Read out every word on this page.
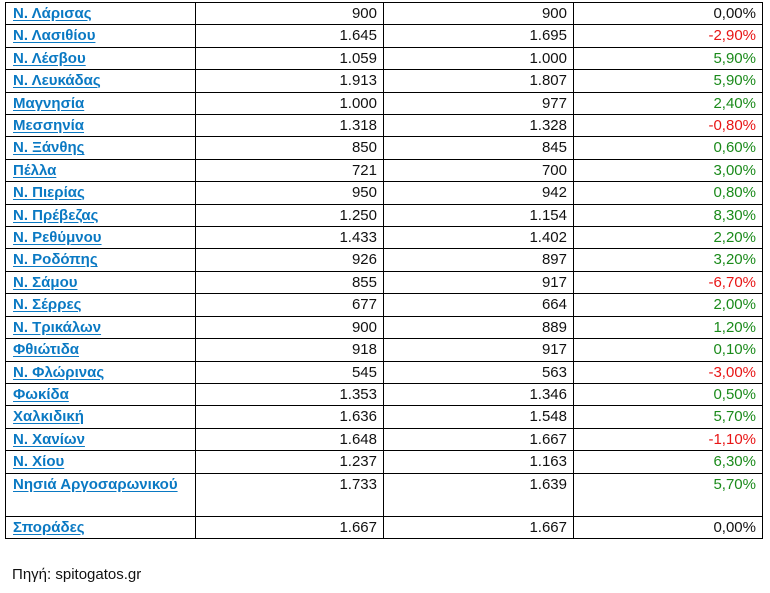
Ν. Λάρισας	900	900	0,00%
Ν. Λασιθίου	1.645	1.695	-2,90%
Ν. Λέσβου	1.059	1.000	5,90%
Ν. Λευκάδας	1.913	1.807	5,90%
Μαγνησία	1.000	977	2,40%
Μεσσηνία	1.318	1.328	-0,80%
Ν. Ξάνθης	850	845	0,60%
Πέλλα	721	700	3,00%
Ν. Πιερίας	950	942	0,80%
Ν. Πρέβεζας	1.250	1.154	8,30%
Ν. Ρεθύμνου	1.433	1.402	2,20%
Ν. Ροδόπης	926	897	3,20%
Ν. Σάμου	855	917	-6,70%
Ν. Σέρρες	677	664	2,00%
Ν. Τρικάλων	900	889	1,20%
Φθιώτιδα	918	917	0,10%
Ν. Φλώρινας	545	563	-3,00%
Φωκίδα	1.353	1.346	0,50%
Χαλκιδική	1.636	1.548	5,70%
Ν. Χανίων	1.648	1.667	-1,10%
Ν. Χίου	1.237	1.163	6,30%
Νησιά Αργοσαρωνικού	1.733	1.639	5,70%
Σποράδες	1.667	1.667	0,00%
Πηγή: spitogatos.gr
